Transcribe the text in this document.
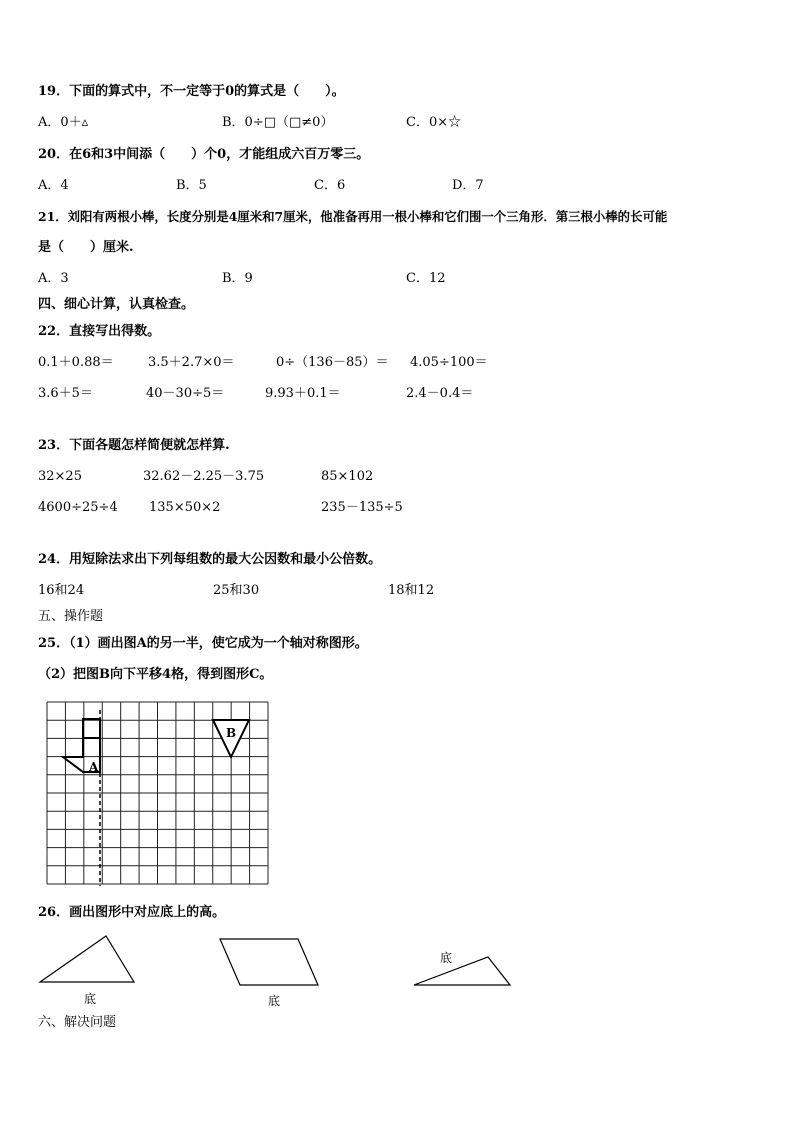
19．下面的算式中，不一定等于0的算式是（　　）。
A．0＋▵	B．0÷□（□≠0）	C．0×☆
20．在6和3中间添（　　）个0，才能组成六百万零三。
A．4	B．5	C．6	D．7
21．刘阳有两根小棒，长度分别是4厘米和7厘米，他准备再用一根小棒和它们围一个三角形．第三根小棒的长可能
是（　　）厘米.
A．3	B．9	C．12
四、细心计算，认真检查。
22．直接写出得数。
0.1＋0.88＝	3.5＋2.7×0＝	0÷（136－85）＝ 4.05÷100＝
3.6＋5＝	40－30÷5＝	9.93＋0.1＝	2.4－0.4＝
23．下面各题怎样简便就怎样算.
32×25	32.62－2.25－3.75	85×102
4600÷25÷4 135×50×2	235－135÷5
24．用短除法求出下列每组数的最大公因数和最小公倍数。
16和24	25和30	18和12
五、操作题
25．（1）画出图A的另一半，使它成为一个轴对称图形。
（2）把图B向下平移4格，得到图形C。
A
B
26．画出图形中对应底上的高。
底	底
底
六、解决问题
